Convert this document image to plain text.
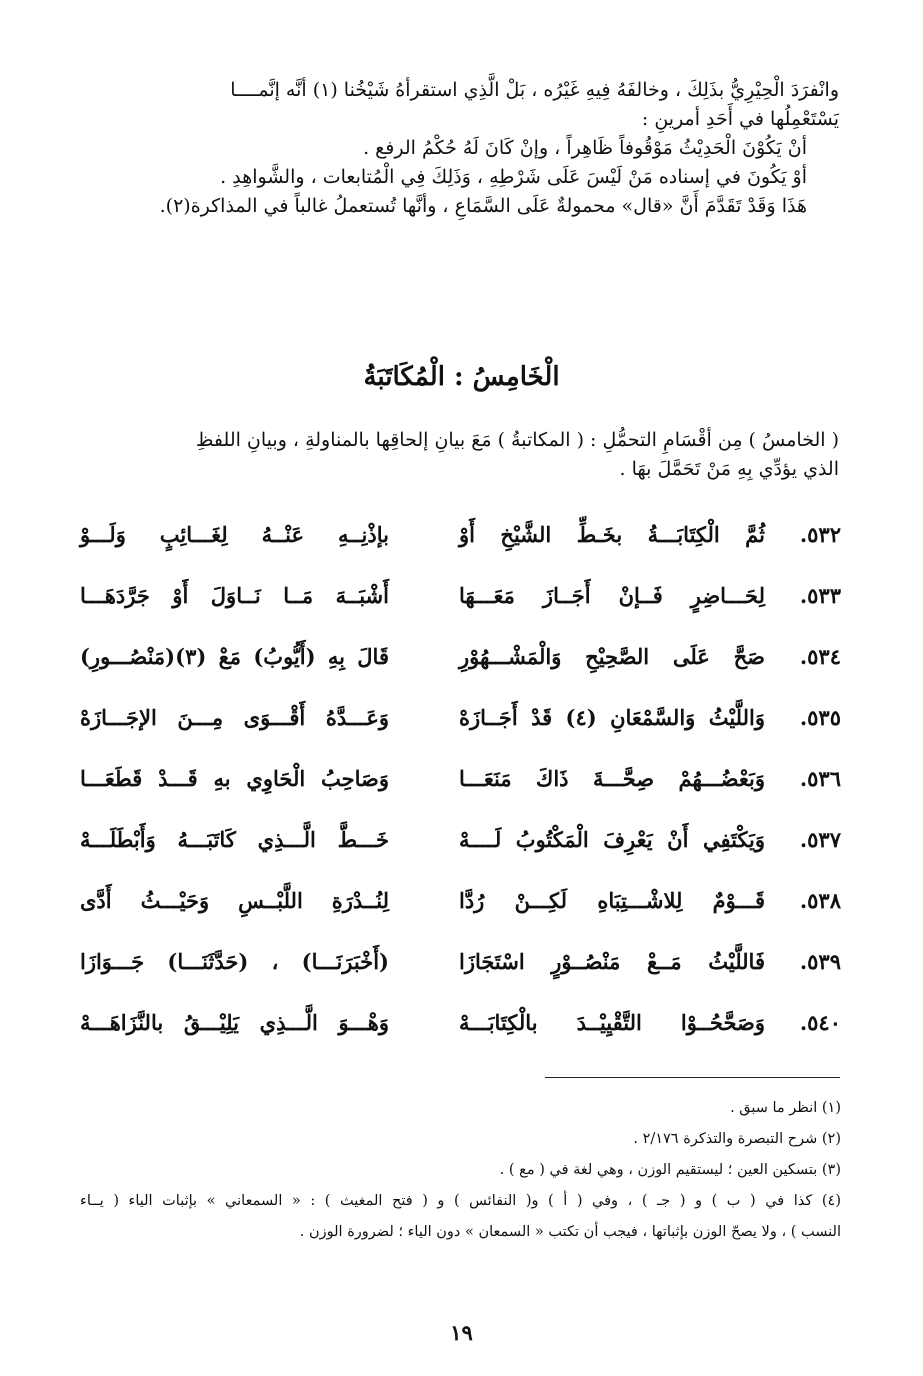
وانْفرَدَ الْحِيْرِيُّ بذَلِكَ ، وخالفَهُ فِيهِ غَيْرُه ، بَلْ الَّذِي استقرأهُ شَيْخُنا (١) أنَّه إنَّمــــا

يَسْتَعْمِلُها في أَحَدِ أمرينِ :

أنْ يَكُوْنَ الْحَدِيْثُ مَوْقُوفاً ظَاهِراً ، وإنْ كَانَ لَهُ حُكْمُ الرفع .

أوْ يَكُونَ في إسناده مَنْ لَيْسَ عَلَى شَرْطِهِ ، وَذَلِكَ فِي الْمُتابعات ، والشَّواهِدِ .

هَذَا وَقَدْ تَقَدَّمَ أَنَّ «قال» محمولةٌ عَلَى السَّمَاعِ ، وأنَّها تُستعملُ غالباً في المذاكرة(٢).

الْخَامِسُ : الْمُكَاتَبَةُ

( الخامسُ ) مِن أقْسَامِ التحمُّلِ : ( المكاتبةُ ) مَعَ بيانِ إلحاقِها بالمناولةِ ، وبيانِ اللفظِ

الذي يؤدِّي بِهِ مَنْ تَحَمَّلَ بهَا .

٥٣٢.
ثُمَّ الْكِتَابَـــةُ بخَـطِّ الشَّيْخِ أَوْ
بإذْنِــهِ عَنْــهُ لِغَـــائِبٍ وَلَـــوْ
٥٣٣.
لِحَـــاضِرٍ فَــإنْ أَجَــازَ مَعَـــهَا
أَشْبَــهَ مَــا نَــاوَلَ أَوْ جَرَّدَهَـــا
٥٣٤.
صَحَّ عَلَى الصَّحِيْحِ وَالْمَشْـــهُوْرِ
قَالَ بِهِ (أَيُّوبُ) مَعْ (٣)(مَنْصُـــورِ)
٥٣٥.
وَاللَّيْثُ وَالسَّمْعَانِ (٤) قَدْ أَجَــازَهْ
وَعَـــدَّهُ أَقْـــوَى مِـــنَ الإجَـــازَهْ
٥٣٦.
وَبَعْضُـــهُمْ صِحَّـــةَ ذَاكَ مَنَعَـــا
وَصَاحِبُ الْحَاوِي بهِ قَـــدْ قَطَعَـــا
٥٣٧.
وَيَكْتَفِي أَنْ يَعْرِفَ الْمَكْتُوبُ لَــــهْ
خَـــطَّ الَّـــذِي كَاتَبَـــهُ وَأَبْطَلَـــهْ
٥٣٨.
قَـــوْمٌ لِلاشْـــتِبَاهِ لَكِـــنْ رُدَّا
لِنُــدْرَةِ اللَّبْــسِ وَحَيْـــثُ أَدَّى
٥٣٩.
فَاللَّيْثُ مَــعْ مَنْصُــوْرٍ اسْتَجَازَا
(أَخْبَرَنَـــا) ، (حَدَّثَنَـــا) جَـــوَازَا
٥٤٠.
وَصَحَّحُــوْا التَّقْيِيْــدَ بالْكِتَابَـــهْ
وَهْـــوَ الَّـــذِي يَلِيْـــقُ بالنَّزَاهَـــهْ

(١) انظر ما سبق .

(٢) شرح التبصرة والتذكرة ٢/١٧٦ .

(٣) بتسكين العين ؛ ليستقيم الوزن ، وهي لغة في ( مع ) .

(٤) كذا في ( ب ) و ( جـ ) ، وفي ( أ ) و( النفائس ) و ( فتح المغيث ) : « السمعاني » بإثبات الياء ( يــاء

النسب ) ، ولا يصحّ الوزن بإثباتها ، فيجب أن تكتب « السمعان » دون الياء ؛ لضرورة الوزن .

١٩
